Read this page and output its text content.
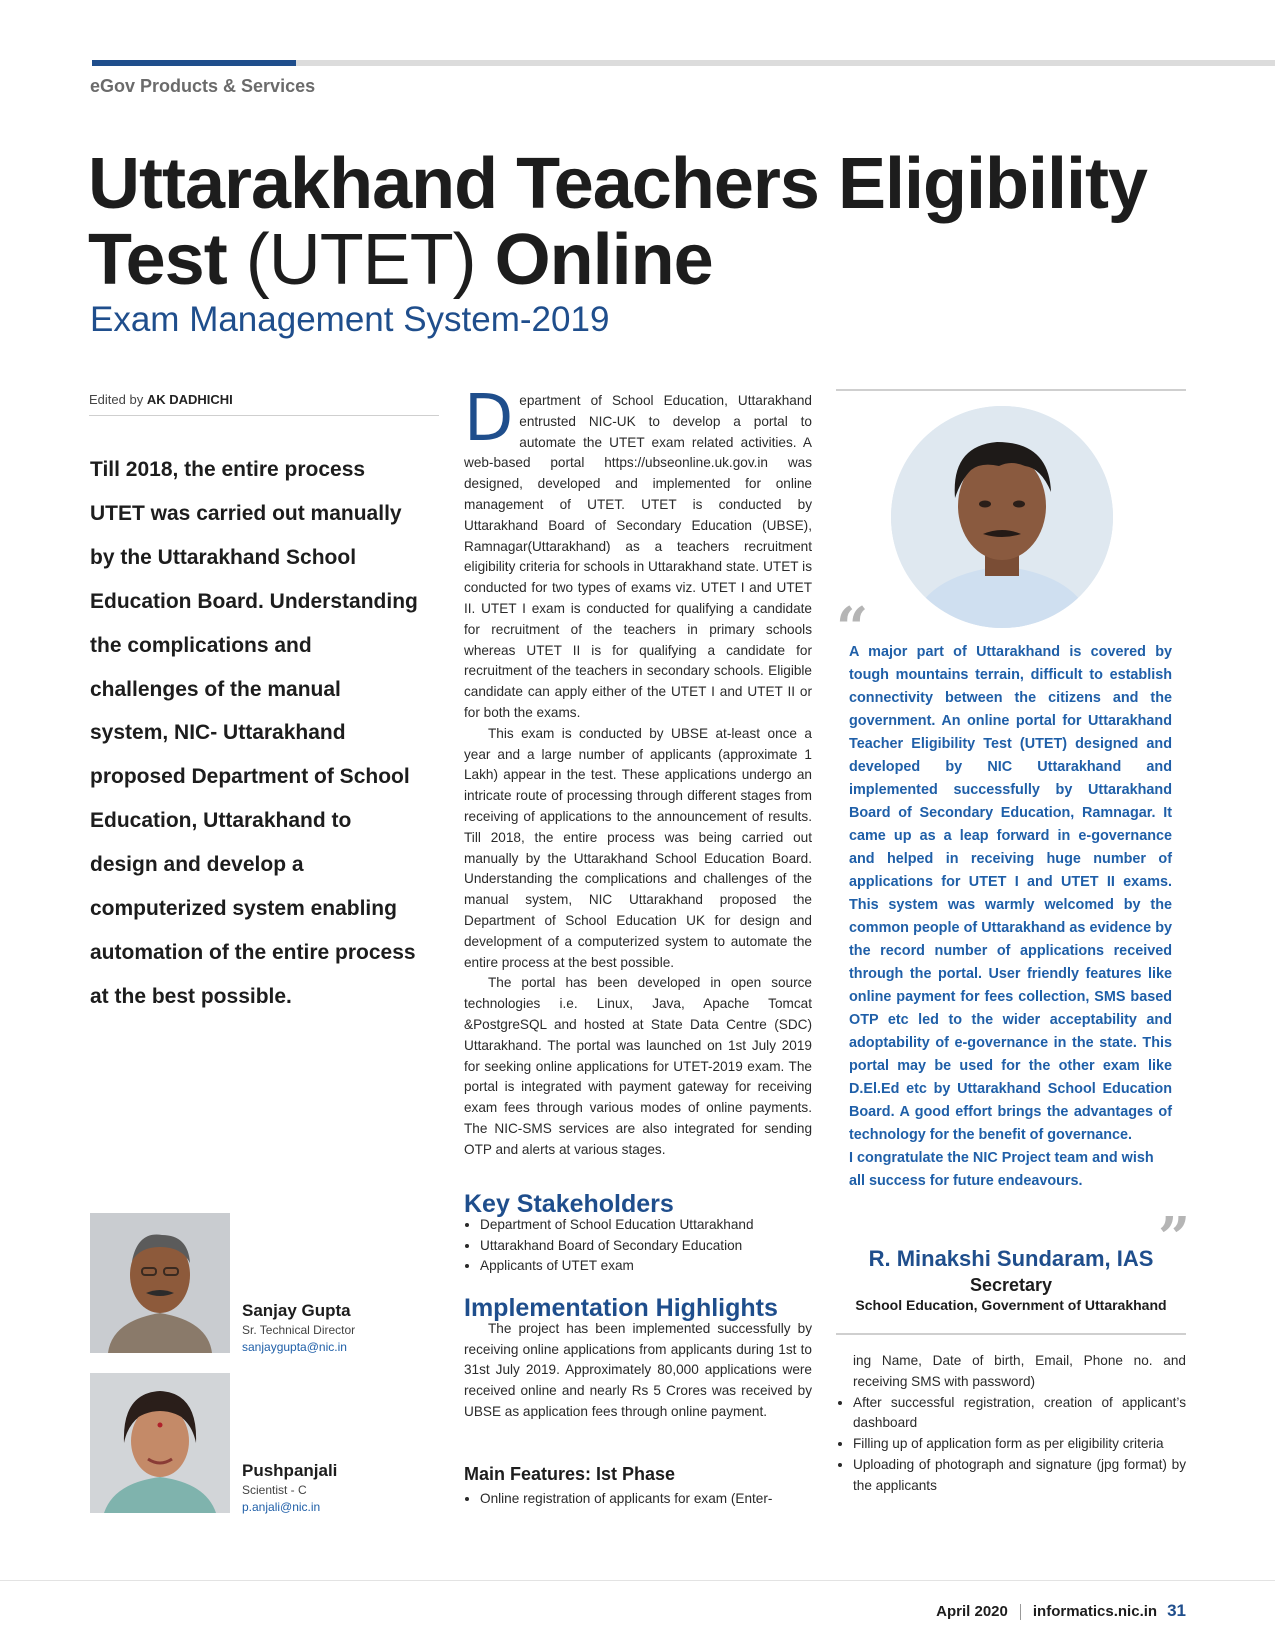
eGov Products & Services
Uttarakhand Teachers Eligibility
Test (UTET) Online
Exam Management System-2019
Edited by AK DADHICHI
Till 2018, the entire process UTET was carried out manually by the Uttarakhand School Education Board. Understanding the complications and challenges of the manual system, NIC- Uttarakhand proposed Department of School Education, Uttarakhand to design and develop a computerized system enabling automation of the entire process at the best possible.
Sanjay Gupta
Sr. Technical Director
sanjaygupta@nic.in
Pushpanjali
Scientist - C
p.anjali@nic.in

D epartment of School Education, Uttarakhand entrusted NIC-UK to develop a portal to automate the UTET exam related activities. A web-based portal https://ubseonline.uk.gov.in was designed, developed and implemented for online management of UTET. UTET is conducted by Uttarakhand Board of Secondary Education (UBSE), Ramnagar(Uttarakhand) as a teachers recruitment eligibility criteria for schools in Uttarakhand state. UTET is conducted for two types of exams viz. UTET I and UTET II. UTET I exam is conducted for qualifying a candidate for recruitment of the teachers in primary schools whereas UTET II is for qualifying a candidate for recruitment of the teachers in secondary schools. Eligible candidate can apply either of the UTET I and UTET II or for both the exams.

This exam is conducted by UBSE at-least once a year and a large number of applicants (approximate 1 Lakh) appear in the test. These applications undergo an intricate route of processing through different stages from receiving of applications to the announcement of results. Till 2018, the entire process was being carried out manually by the Uttarakhand School Education Board. Understanding the complications and challenges of the manual system, NIC Uttarakhand proposed the Department of School Education UK for design and development of a computerized system to automate the entire process at the best possible.

The portal has been developed in open source technologies i.e. Linux, Java, Apache Tomcat &PostgreSQL and hosted at State Data Centre (SDC) Uttarakhand. The portal was launched on 1st July 2019 for seeking online applications for UTET-2019 exam. The portal is integrated with payment gateway for receiving exam fees through various modes of online payments. The NIC-SMS services are also integrated for sending OTP and alerts at various stages.

Key Stakeholders
• Department of School Education Uttarakhand
• Uttarakhand Board of Secondary Education
• Applicants of UTET exam
Implementation Highlights

The project has been implemented successfully by receiving online applications from applicants during 1st to 31st July 2019. Approximately 80,000 applications were received online and nearly Rs 5 Crores was received by UBSE as application fees through online payment.

Main Features: Ist Phase
• Online registration of applicants for exam (Enter-
“

A major part of Uttarakhand is covered by tough mountains terrain, difficult to establish connectivity between the citizens and the government. An online portal for Uttarakhand Teacher Eligibility Test (UTET) designed and developed by NIC Uttarakhand and implemented successfully by Uttarakhand Board of Secondary Education, Ramnagar. It came up as a leap forward in e-governance and helped in receiving huge number of applications for UTET I and UTET II exams. This system was warmly welcomed by the common people of Uttarakhand as evidence by the record number of applications received through the portal. User friendly features like online payment for fees collection, SMS based OTP etc led to the wider acceptability and adoptability of e-governance in the state. This portal may be used for the other exam like D.El.Ed etc by Uttarakhand School Education Board. A good effort brings the advantages of technology for the benefit of governance.

I congratulate the NIC Project team and wish all success for future endeavours.

”
R. Minakshi Sundaram, IAS
Secretary
School Education, Government of Uttarakhand

ing Name, Date of birth, Email, Phone no. and receiving SMS with password)

• After successful registration, creation of applicant’s dashboard
• Filling up of application form as per eligibility criteria
• Uploading of photograph and signature (jpg format) by the applicants
April 2020 informatics.nic.in 31
